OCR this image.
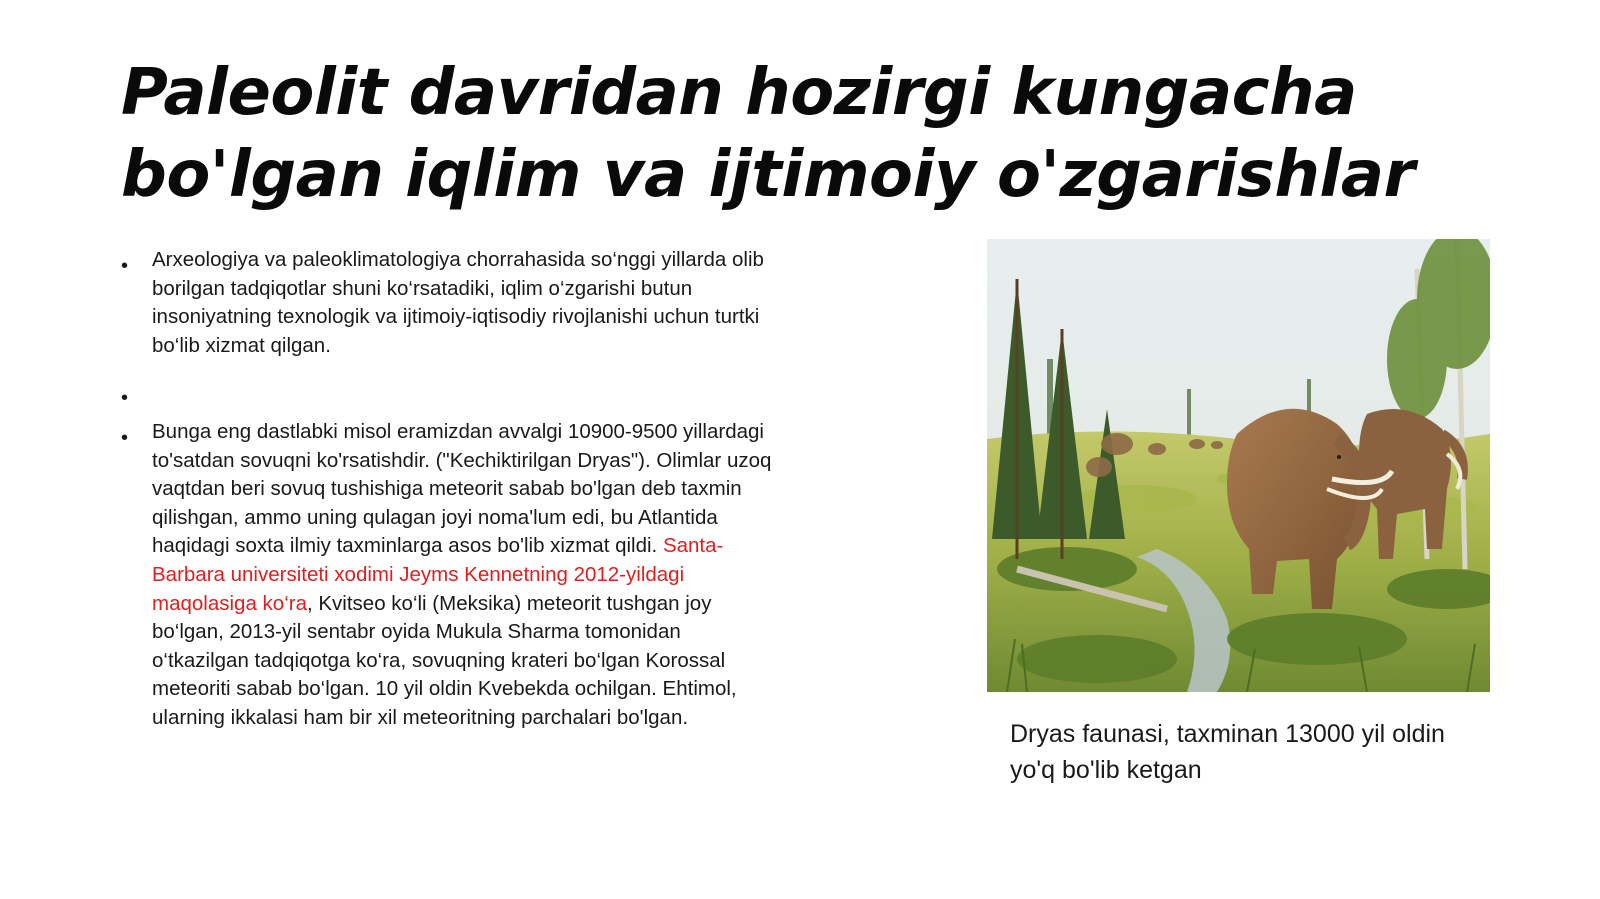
Paleolit davridan hozirgi kungacha bo'lgan iqlim va ijtimoiy o'zgarishlar
• Arxeologiya va paleoklimatologiya chorrahasida so‘nggi yillarda olib borilgan tadqiqotlar shuni ko‘rsatadiki, iqlim o‘zgarishi butun insoniyatning texnologik va ijtimoiy-iqtisodiy rivojlanishi uchun turtki bo‘lib xizmat qilgan.
•
• Bunga eng dastlabki misol eramizdan avvalgi 10900-9500 yillardagi to'satdan sovuqni ko'rsatishdir. ("Kechiktirilgan Dryas"). Olimlar uzoq vaqtdan beri sovuq tushishiga meteorit sabab bo'lgan deb taxmin qilishgan, ammo uning qulagan joyi noma'lum edi, bu Atlantida haqidagi soxta ilmiy taxminlarga asos bo'lib xizmat qildi. Santa-Barbara universiteti xodimi Jeyms Kennetning 2012-yildagi maqolasiga ko‘ra, Kvitseo ko‘li (Meksika) meteorit tushgan joy bo‘lgan, 2013-yil sentabr oyida Mukula Sharma tomonidan o‘tkazilgan tadqiqotga ko‘ra, sovuqning krateri bo‘lgan Korossal meteoriti sabab bo‘lgan. 10 yil oldin Kvebekda ochilgan. Ehtimol, ularning ikkalasi ham bir xil meteoritning parchalari bo'lgan.
Dryas faunasi, taxminan 13000 yil oldin yo'q bo'lib ketgan
